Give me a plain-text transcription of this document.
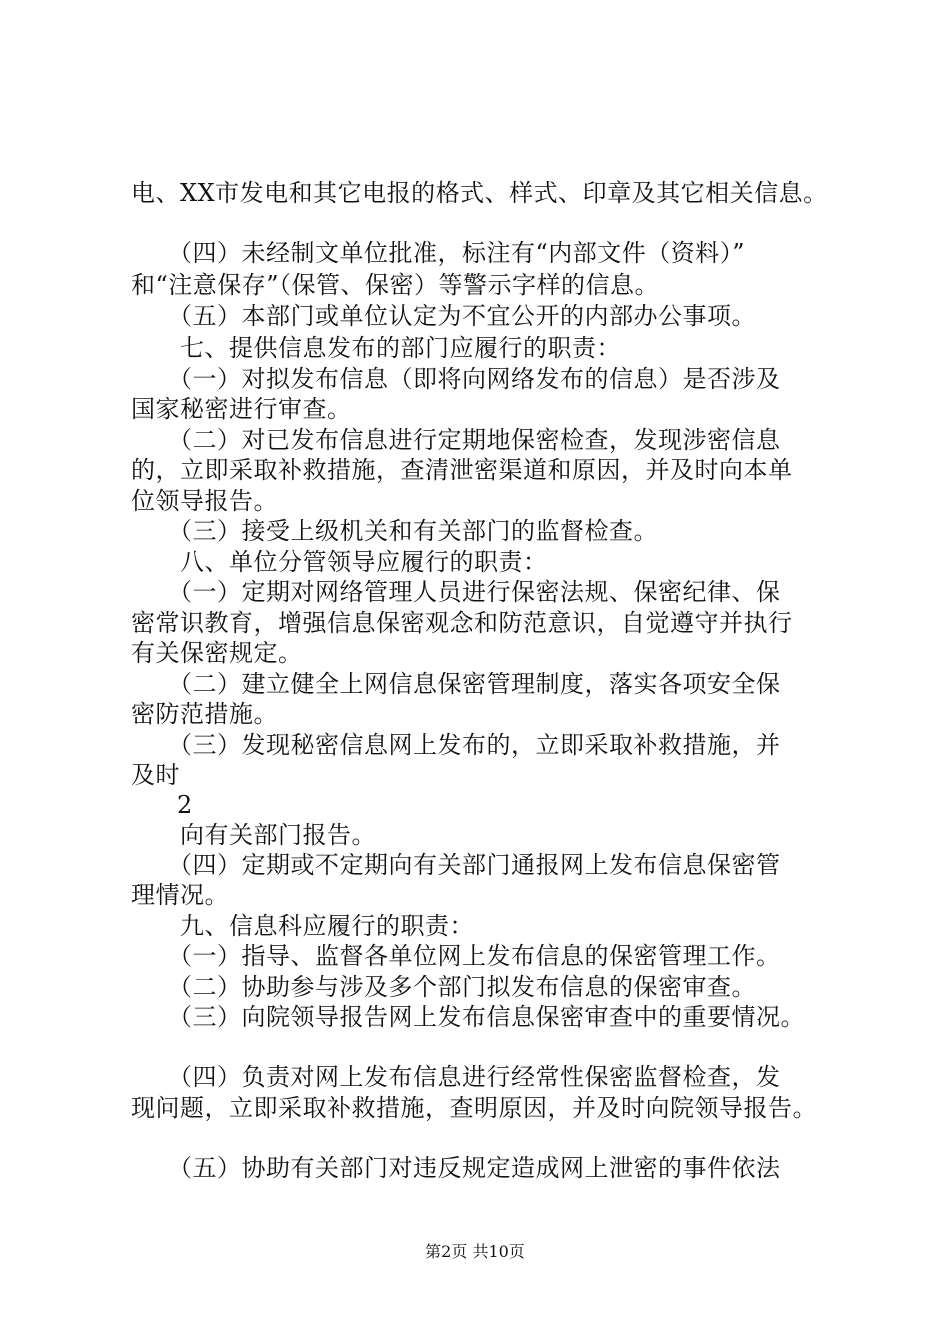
电、XX市发电和其它电报的格式、样式、印章及其它相关信息。
　　（四）未经制文单位批准，标注有“内部文件（资料）”
和“注意保存”（保管、保密）等警示字样的信息。
　　（五）本部门或单位认定为不宜公开的内部办公事项。
　　七、提供信息发布的部门应履行的职责：
　　（一）对拟发布信息（即将向网络发布的信息）是否涉及
国家秘密进行审查。
　　（二）对已发布信息进行定期地保密检查，发现涉密信息
的，立即采取补救措施，查清泄密渠道和原因，并及时向本单
位领导报告。
　　（三）接受上级机关和有关部门的监督检查。
　　八、单位分管领导应履行的职责：
　　（一）定期对网络管理人员进行保密法规、保密纪律、保
密常识教育，增强信息保密观念和防范意识，自觉遵守并执行
有关保密规定。
　　（二）建立健全上网信息保密管理制度，落实各项安全保
密防范措施。
　　（三）发现秘密信息网上发布的，立即采取补救措施，并
及时
2
　　向有关部门报告。
　　（四）定期或不定期向有关部门通报网上发布信息保密管
理情况。
　　九、信息科应履行的职责：
　　（一）指导、监督各单位网上发布信息的保密管理工作。
　　（二）协助参与涉及多个部门拟发布信息的保密审查。
　　（三）向院领导报告网上发布信息保密审查中的重要情况。
　　（四）负责对网上发布信息进行经常性保密监督检查，发
现问题，立即采取补救措施，查明原因，并及时向院领导报告。
　　（五）协助有关部门对违反规定造成网上泄密的事件依法
第2页 共10页
